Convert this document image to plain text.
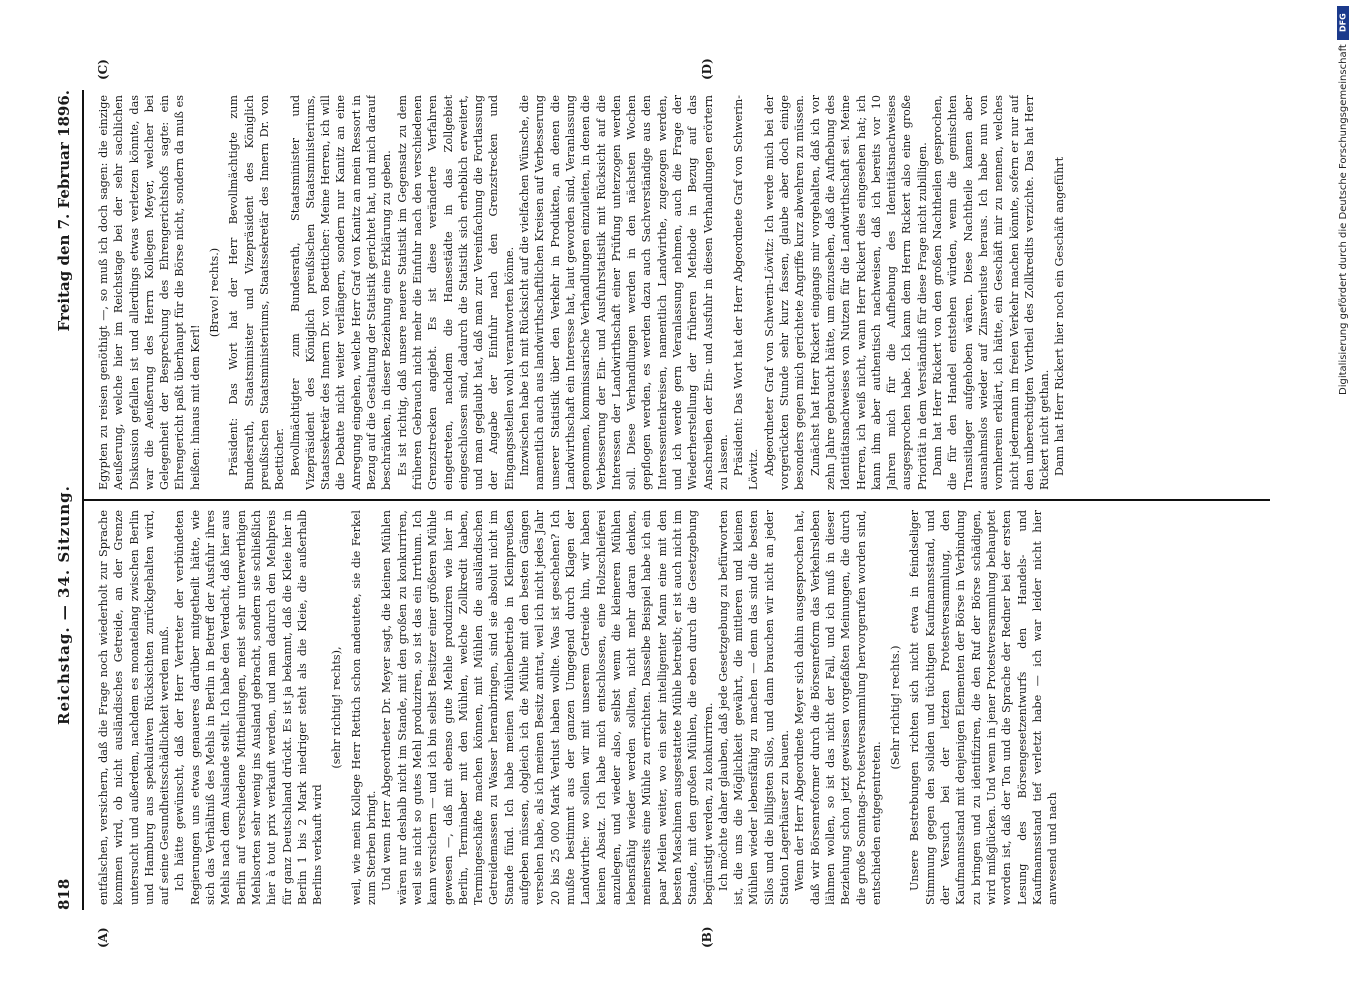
818
Reichstag. — 34. Sitzung.
Freitag den 7. Februar 1896.
(A)	(B)
(C)	(D)

entfalschen, versichern, daß die Frage noch wiederholt zur Sprache kommen wird, ob nicht ausländisches Getreide, an der Grenze untersucht und außerdem, nachdem es monatelang zwischen Berlin und Hamburg aus spekulativen Rücksichten zurückgehalten wird, auf seine Gesundheitsschädlichkeit werden muß. Ich hätte gewünscht, daß der Herr Vertreter der verbündeten Regierungen uns etwas genaueres darüber mitgetheilt hätte, wie sich das Verhältniß des Mehls in Berlin in Betreff der Ausfuhr ihres Mehls nach dem Auslande stellt. Ich habe den Verdacht, daß hier aus Berlin auf verschiedene Mittheilungen, meist sehr unterwerthigen Mehlsorten sehr wenig ins Ausland gebracht, sondern sie schließlich hier à tout prix verkauft werden, und man dadurch den Mehlpreis für ganz Deutschland drückt. Es ist ja bekannt, daß die Kleie hier in Berlin 1 bis 2 Mark niedriger steht als die Kleie, die außerhalb Berlins verkauft wird

(sehr richtig! rechts), weil, wie mein Kollege Herr Rettich schon andeutete, sie die Ferkel zum Sterben bringt. Und wenn Herr Abgeordneter Dr. Meyer sagt, die kleinen Mühlen wären nur deshalb nicht im Stande, mit den großen zu konkurriren, weil sie nicht so gutes Mehl produziren, so ist das ein Irrthum. Ich kann versichern — und ich bin selbst Besitzer einer größeren Mühle gewesen —, daß mit ebenso gute Mehle produziren wie hier in Berlin, Terminaber mit den Mühlen, welche Zollkredit haben, Termingeschäfte machen können, mit Mühlen die ausländischen Getreidemassen zu Wasser heranbringen, sind sie absolut nicht im Stande fünd. Ich habe meinen Mühlenbetrieb in Kleinpreußen aufgeben müssen, obgleich ich die Mühle mit den besten Gängen versehen habe, als ich meinen Besitz antrat, weil ich nicht jedes Jahr 20 bis 25 000 Mark Verlust haben wollte. Was ist geschehen? Ich mußte bestimmt aus der ganzen Umgegend durch Klagen der Landwirthe: wo sollen wir mit unserem Getreide hin, wir haben keinen Absatz. Ich habe mich entschlossen, eine Holzschleiferei anzulegen, und wieder also, selbst wenn die kleineren Mühlen lebensfähig wieder werden sollten, nicht mehr daran denken, meinerseits eine Mühle zu errichten. Dasselbe Beispiel habe ich ein paar Meilen weiter, wo ein sehr intelligenter Mann eine mit den besten Maschinen ausgestattete Mühle betreibt; er ist auch nicht im Stande, mit den großen Mühlen, die eben durch die Gesetzgebung begünstigt werden, zu konkurriren. Ich möchte daher glauben, daß jede Gesetzgebung zu befürworten ist, die uns die Möglichkeit gewährt, die mittleren und kleinen Mühlen wieder lebensfähig zu machen — denn das sind die besten Silos und die billigsten Silos, und dann brauchen wir nicht an jeder Station Lagerhäuser zu bauen. Wenn der Herr Abgeordnete Meyer sich dahin ausgesprochen hat, daß wir Börsenreformer durch die Börsenreform das Verkehrsleben lähmen wollen, so ist das nicht der Fall, und ich muß in dieser Beziehung schon jetzt gewissen vorgefaßten Meinungen, die durch die große Sonntags-Protestversammlung hervorgerufen worden sind, entschieden entgegentreten.

(Sehr richtig! rechts.) Unsere Bestrebungen richten sich nicht etwa in feindseliger Stimmung gegen den soliden und tüchtigen Kaufmannsstand, und der Versuch bei der letzten Protestversammlung, den Kaufmannsstand mit denjenigen Elementen der Börse in Verbindung zu bringen und zu identifiziren, die den Ruf der Börse schädigen, wird mißglücken. Und wenn in jener Protestversammlung behauptet worden ist, daß der Ton und die Sprache der Redner bei der ersten Lesung des Börsengesetzentwurfs den Handels- und Kaufmannsstand tief verletzt habe — ich war leider nicht hier anwesend und nach

Egypten zu reisen genöthigt —, so muß ich doch sagen: die einzige Aeußerung, welche hier im Reichstage bei der sehr sachlichen Diskussion gefallen ist und allerdings etwas verletzen könnte, das war die Aeußerung des Herrn Kollegen Meyer, welcher bei Gelegenheit der Besprechung des Ehrengerichtshofs sagte: ein Ehrengericht paßt überhaupt für die Börse nicht, sondern da muß es heißen: hinaus mit dem Kerl!

(Bravo! rechts.) Präsident: Das Wort hat der Herr Bevollmächtigte zum Bundesrath, Staatsminister und Vizepräsident des Königlich preußischen Staatsministeriums, Staatssekretär des Innern Dr. von Boetticher. Bevollmächtigter zum Bundesrath, Staatsminister und Vizepräsident des Königlich preußischen Staatsministeriums, Staatssekretär des Innern Dr. von Boetticher: Meine Herren, ich will die Debatte nicht weiter verlängern, sondern nur Kanitz an eine Anregung eingehen, welche Herr Graf von Kanitz an mein Ressort in Bezug auf die Gestaltung der Statistik gerichtet hat, und mich darauf beschränken, in dieser Beziehung eine Erklärung zu geben. Es ist richtig, daß unsere neuere Statistik im Gegensatz zu dem früheren Gebrauch nicht mehr die Einfuhr nach den verschiedenen Grenzstrecken angiebt. Es ist diese veränderte Verfahren eingetreten, nachdem die Hansestädte in das Zollgebiet eingeschlossen sind, dadurch die Statistik sich erheblich erweitert, und man geglaubt hat, daß man zur Vereinfachung die Fortlassung der Angabe der Einfuhr nach den Grenzstrecken und Eingangsstellen wohl verantworten könne. Inzwischen habe ich mit Rücksicht auf die vielfachen Wünsche, die namentlich auch aus landwirthschaftlichen Kreisen auf Verbesserung unserer Statistik über den Verkehr in Produkten, an denen die Landwirthschaft ein Interesse hat, laut geworden sind, Veranlassung genommen, kommissarische Verhandlungen einzuleiten, in denen die Verbesserung der Ein- und Ausfuhrstatistik mit Rücksicht auf die Interessen der Landwirthschaft einer Prüfung unterzogen werden soll. Diese Verhandlungen werden in den nächsten Wochen gepflogen werden, es werden dazu auch Sachverständige aus den Interessentenkreisen, namentlich Landwirthe, zugezogen werden, und ich werde gern Veranlassung nehmen, auch die Frage der Wiederherstellung der früheren Methode in Bezug auf das Anschreiben der Ein- und Ausfuhr in diesen Verhandlungen erörtern zu lassen. Präsident: Das Wort hat der Herr Abgeordnete Graf von Schwerin-Löwitz. Abgeordneter Graf von Schwerin-Löwitz: Ich werde mich bei der vorgerückten Stunde sehr kurz fassen, glaube aber doch einige besonders gegen mich gerichtete Angriffe kurz abwehren zu müssen. Zunächst hat Herr Rickert eingangs mir vorgehalten, daß ich vor zehn Jahre gebraucht hätte, um einzusehen, daß die Aufhebung des Identitätsnachweises von Nutzen für die Landwirthschaft sei. Meine Herren, ich weiß nicht, wann Herr Rickert dies eingesehen hat; ich kann ihm aber authentisch nachweisen, daß ich bereits vor 10 Jahren mich für die Aufhebung des Identitätsnachweises ausgesprochen habe. Ich kann dem Herrn Rickert also eine große Priorität in dem Verständniß für diese Frage nicht zubilligen. Dann hat Herr Rickert von den großen Nachtheilen gesprochen, die für den Handel entstehen würden, wenn die gemischten Transitlager aufgehoben wären. Diese Nachtheile kamen aber ausnahmslos wieder auf Zinsverluste heraus. Ich habe nun von vornherein erklärt, ich hätte, ein Geschäft mir zu nennen, welches nicht jedermann im freien Verkehr machen könnte, sofern er nur auf den unberechtigten Vortheil des Zollkredits verzichte. Das hat Herr Rickert nicht gethan. Dann hat Herr Rickert hier noch ein Geschäft angeführt

DFG
Digitalisierung gefördert durch die Deutsche Forschungsgemeinschaft
